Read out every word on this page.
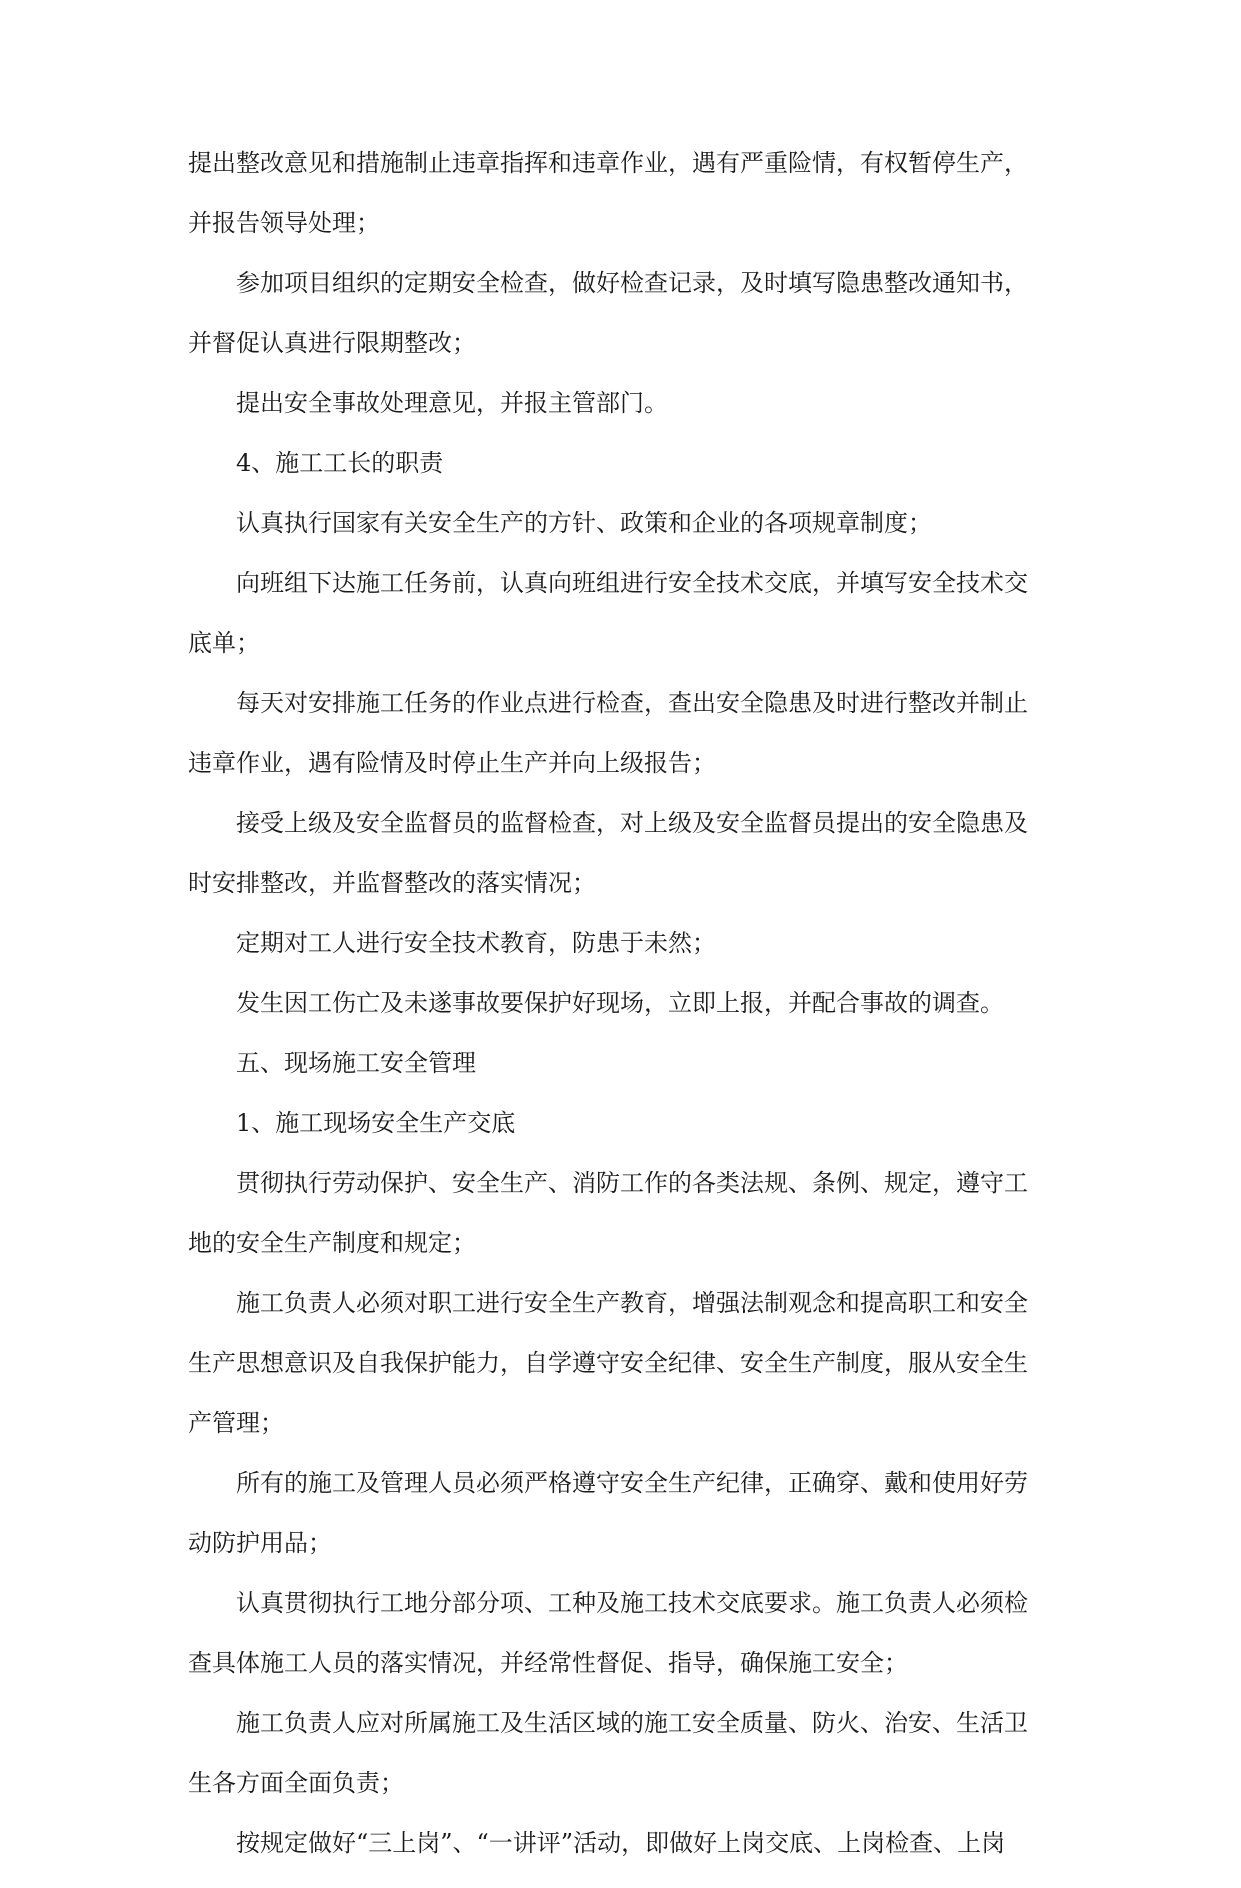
提出整改意见和措施制止违章指挥和违章作业，遇有严重险情，有权暂停生产，

并报告领导处理；

参加项目组织的定期安全检查，做好检查记录，及时填写隐患整改通知书，

并督促认真进行限期整改；

提出安全事故处理意见，并报主管部门。

4、施工工长的职责

认真执行国家有关安全生产的方针、政策和企业的各项规章制度；

向班组下达施工任务前，认真向班组进行安全技术交底，并填写安全技术交

底单；

每天对安排施工任务的作业点进行检查，查出安全隐患及时进行整改并制止

违章作业，遇有险情及时停止生产并向上级报告；

接受上级及安全监督员的监督检查，对上级及安全监督员提出的安全隐患及

时安排整改，并监督整改的落实情况；

定期对工人进行安全技术教育，防患于未然；

发生因工伤亡及未遂事故要保护好现场，立即上报，并配合事故的调查。

五、现场施工安全管理

1、施工现场安全生产交底

贯彻执行劳动保护、安全生产、消防工作的各类法规、条例、规定，遵守工

地的安全生产制度和规定；

施工负责人必须对职工进行安全生产教育，增强法制观念和提高职工和安全

生产思想意识及自我保护能力，自学遵守安全纪律、安全生产制度，服从安全生

产管理；

所有的施工及管理人员必须严格遵守安全生产纪律，正确穿、戴和使用好劳

动防护用品；

认真贯彻执行工地分部分项、工种及施工技术交底要求。施工负责人必须检

查具体施工人员的落实情况，并经常性督促、指导，确保施工安全；

施工负责人应对所属施工及生活区域的施工安全质量、防火、治安、生活卫

生各方面全面负责；

按规定做好“三上岗”、“一讲评”活动，即做好上岗交底、上岗检查、上岗
